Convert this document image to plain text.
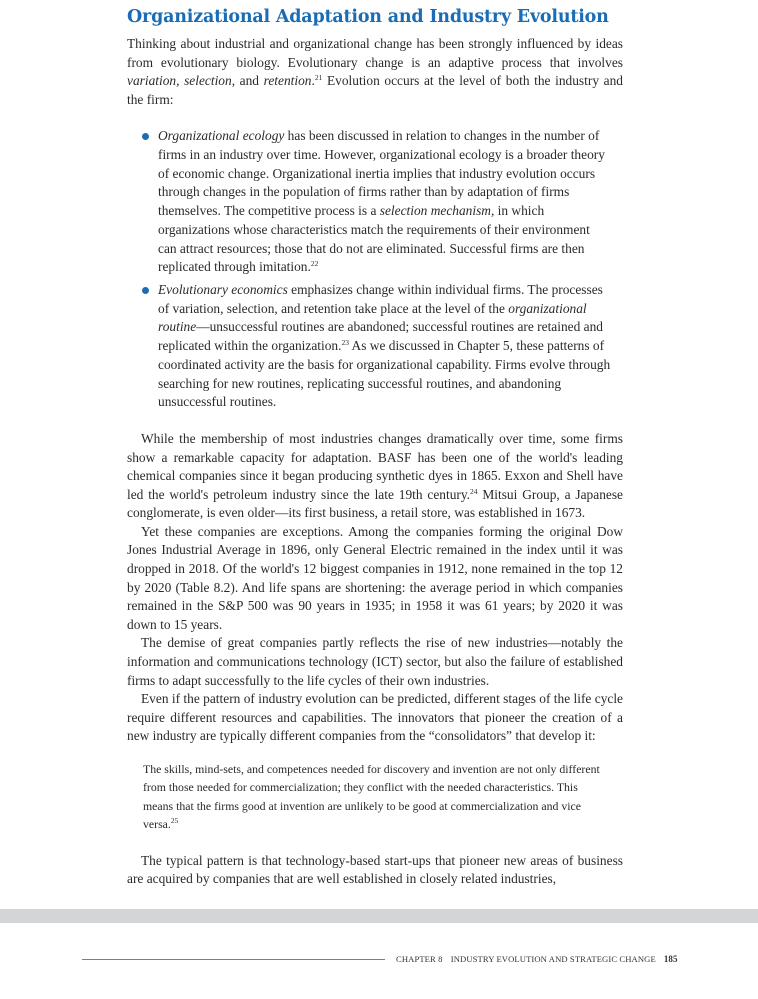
Organizational Adaptation and Industry Evolution

Thinking about industrial and organizational change has been strongly influenced by ideas from evolutionary biology. Evolutionary change is an adaptive process that involves variation, selection, and retention.$^{21}$ Evolution occurs at the level of both the industry and the firm:

Organizational ecology has been discussed in relation to changes in the number of firms in an industry over time. However, organizational ecology is a broader theory of economic change. Organizational inertia implies that industry evolution occurs through changes in the population of firms rather than by adaptation of firms themselves. The competitive process is a selection mechanism, in which organizations whose characteristics match the requirements of their environment can attract resources; those that do not are eliminated. Successful firms are then replicated through imitation.$^{22}$
Evolutionary economics emphasizes change within individual firms. The processes of variation, selection, and retention take place at the level of the organizational routine—unsuccessful routines are abandoned; successful routines are retained and replicated within the organization.$^{23}$ As we discussed in Chapter 5, these patterns of coordinated activity are the basis for organizational capability. Firms evolve through searching for new routines, replicating successful routines, and abandoning unsuccessful routines.

While the membership of most industries changes dramatically over time, some firms show a remarkable capacity for adaptation. BASF has been one of the world's leading chemical companies since it began producing synthetic dyes in 1865. Exxon and Shell have led the world's petroleum industry since the late 19th century.$^{24}$ Mitsui Group, a Japanese conglomerate, is even older—its first business, a retail store, was established in 1673.

Yet these companies are exceptions. Among the companies forming the original Dow Jones Industrial Average in 1896, only General Electric remained in the index until it was dropped in 2018. Of the world's 12 biggest companies in 1912, none remained in the top 12 by 2020 (Table 8.2). And life spans are shortening: the average period in which companies remained in the S&P 500 was 90 years in 1935; in 1958 it was 61 years; by 2020 it was down to 15 years.

The demise of great companies partly reflects the rise of new industries—notably the information and communications technology (ICT) sector, but also the failure of established firms to adapt successfully to the life cycles of their own industries.

Even if the pattern of industry evolution can be predicted, different stages of the life cycle require different resources and capabilities. The innovators that pioneer the creation of a new industry are typically different companies from the “consolidators” that develop it:

The skills, mind-sets, and competences needed for discovery and invention are not only different from those needed for commercialization; they conflict with the needed characteristics. This means that the firms good at invention are unlikely to be good at commercialization and vice versa.$^{25}$

The typical pattern is that technology-based start-ups that pioneer new areas of business are acquired by companies that are well established in closely related industries,

CHAPTER 8 INDUSTRY EVOLUTION AND STRATEGIC CHANGE 185
